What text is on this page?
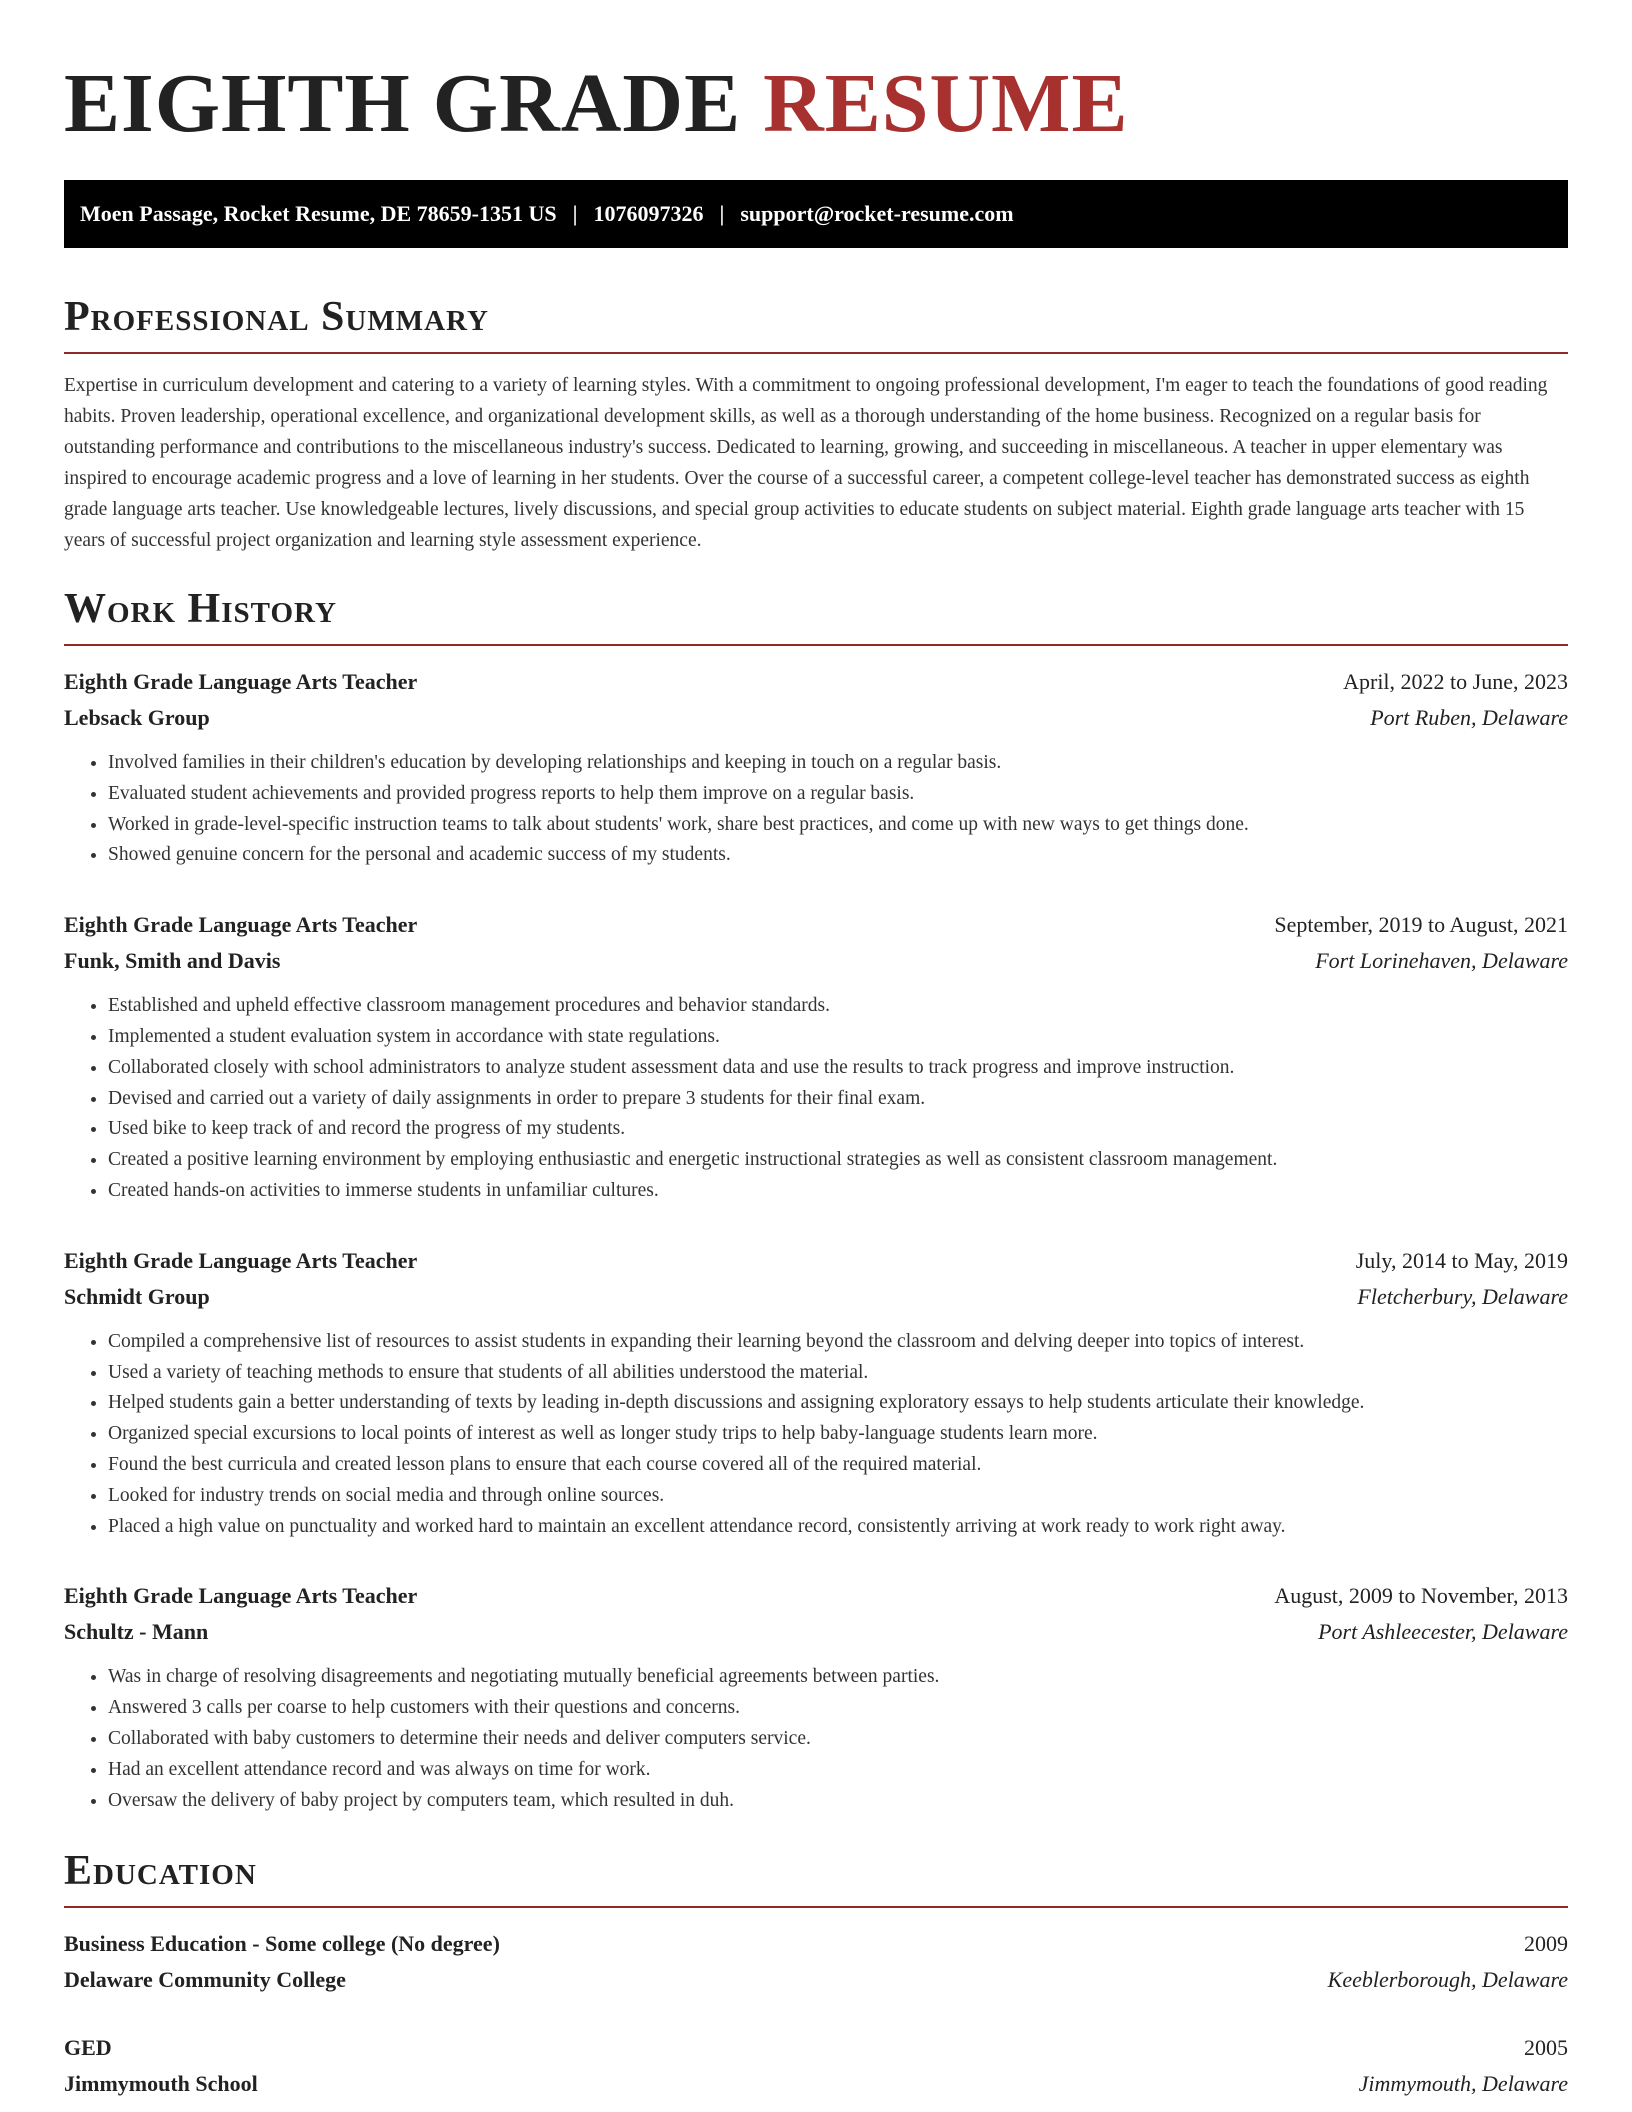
EIGHTH GRADE RESUME
Moen Passage, Rocket Resume, DE 78659-1351 US | 1076097326 | support@rocket-resume.com
Professional Summary

Expertise in curriculum development and catering to a variety of learning styles. With a commitment to ongoing professional development, I'm eager to teach the foundations of good reading habits. Proven leadership, operational excellence, and organizational development skills, as well as a thorough understanding of the home business. Recognized on a regular basis for outstanding performance and contributions to the miscellaneous industry's success. Dedicated to learning, growing, and succeeding in miscellaneous. A teacher in upper elementary was inspired to encourage academic progress and a love of learning in her students. Over the course of a successful career, a competent college-level teacher has demonstrated success as eighth grade language arts teacher. Use knowledgeable lectures, lively discussions, and special group activities to educate students on subject material. Eighth grade language arts teacher with 15 years of successful project organization and learning style assessment experience.

Work History
Eighth Grade Language Arts Teacher	April, 2022 to June, 2023
Lebsack Group	Port Ruben, Delaware
• Involved families in their children's education by developing relationships and keeping in touch on a regular basis.
• Evaluated student achievements and provided progress reports to help them improve on a regular basis.
• Worked in grade-level-specific instruction teams to talk about students' work, share best practices, and come up with new ways to get things done.
• Showed genuine concern for the personal and academic success of my students.
Eighth Grade Language Arts Teacher	September, 2019 to August, 2021
Funk, Smith and Davis	Fort Lorinehaven, Delaware
• Established and upheld effective classroom management procedures and behavior standards.
• Implemented a student evaluation system in accordance with state regulations.
• Collaborated closely with school administrators to analyze student assessment data and use the results to track progress and improve instruction.
• Devised and carried out a variety of daily assignments in order to prepare 3 students for their final exam.
• Used bike to keep track of and record the progress of my students.
• Created a positive learning environment by employing enthusiastic and energetic instructional strategies as well as consistent classroom management.
• Created hands-on activities to immerse students in unfamiliar cultures.
Eighth Grade Language Arts Teacher	July, 2014 to May, 2019
Schmidt Group	Fletcherbury, Delaware
• Compiled a comprehensive list of resources to assist students in expanding their learning beyond the classroom and delving deeper into topics of interest.
• Used a variety of teaching methods to ensure that students of all abilities understood the material.
• Helped students gain a better understanding of texts by leading in-depth discussions and assigning exploratory essays to help students articulate their knowledge.
• Organized special excursions to local points of interest as well as longer study trips to help baby-language students learn more.
• Found the best curricula and created lesson plans to ensure that each course covered all of the required material.
• Looked for industry trends on social media and through online sources.
• Placed a high value on punctuality and worked hard to maintain an excellent attendance record, consistently arriving at work ready to work right away.
Eighth Grade Language Arts Teacher	August, 2009 to November, 2013
Schultz - Mann	Port Ashleecester, Delaware
• Was in charge of resolving disagreements and negotiating mutually beneficial agreements between parties.
• Answered 3 calls per coarse to help customers with their questions and concerns.
• Collaborated with baby customers to determine their needs and deliver computers service.
• Had an excellent attendance record and was always on time for work.
• Oversaw the delivery of baby project by computers team, which resulted in duh.
Education
Business Education - Some college (No degree)	2009
Delaware Community College	Keeblerborough, Delaware
GED	2005
Jimmymouth School	Jimmymouth, Delaware
